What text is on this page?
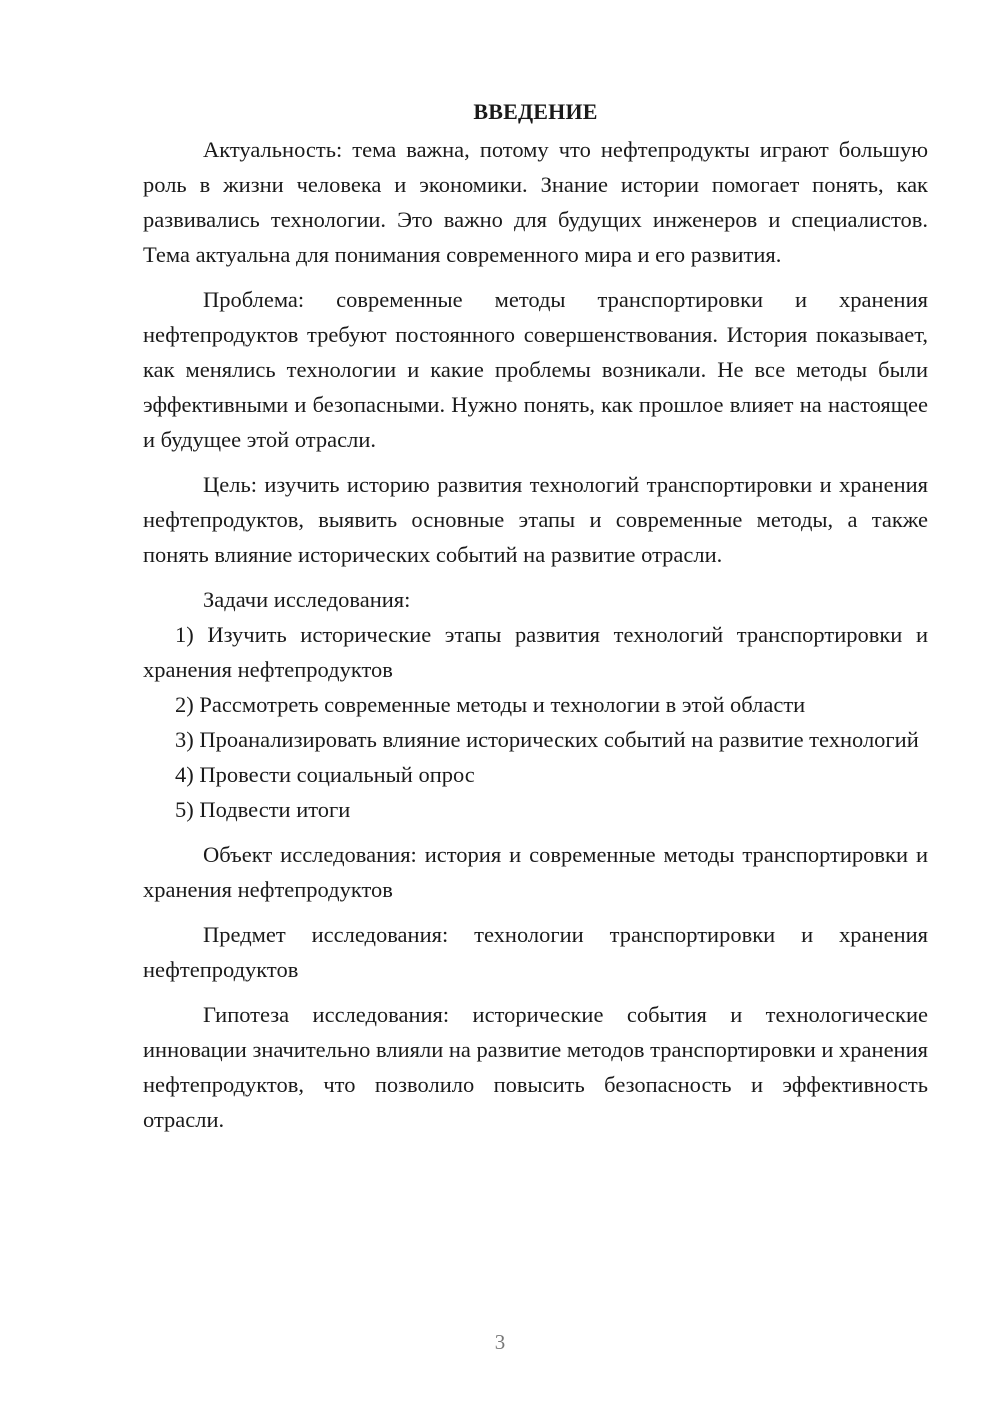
ВВЕДЕНИЕ

Актуальность: тема важна, потому что нефтепродукты играют большую роль в жизни человека и экономики. Знание истории помогает понять, как развивались технологии. Это важно для будущих инженеров и специалистов. Тема актуальна для понимания современного мира и его развития.

Проблема: современные методы транспортировки и хранения нефтепродуктов требуют постоянного совершенствования. История показывает, как менялись технологии и какие проблемы возникали. Не все методы были эффективными и безопасными. Нужно понять, как прошлое влияет на настоящее и будущее этой отрасли.

Цель: изучить историю развития технологий транспортировки и хранения нефтепродуктов, выявить основные этапы и современные методы, а также понять влияние исторических событий на развитие отрасли.

Задачи исследования:

1) Изучить исторические этапы развития технологий транспортировки и хранения нефтепродуктов

2) Рассмотреть современные методы и технологии в этой области

3) Проанализировать влияние исторических событий на развитие технологий

4) Провести социальный опрос

5) Подвести итоги

Объект исследования: история и современные методы транспортировки и хранения нефтепродуктов

Предмет исследования: технологии транспортировки и хранения нефтепродуктов

Гипотеза исследования: исторические события и технологические инновации значительно влияли на развитие методов транспортировки и хранения нефтепродуктов, что позволило повысить безопасность и эффективность отрасли.

3
